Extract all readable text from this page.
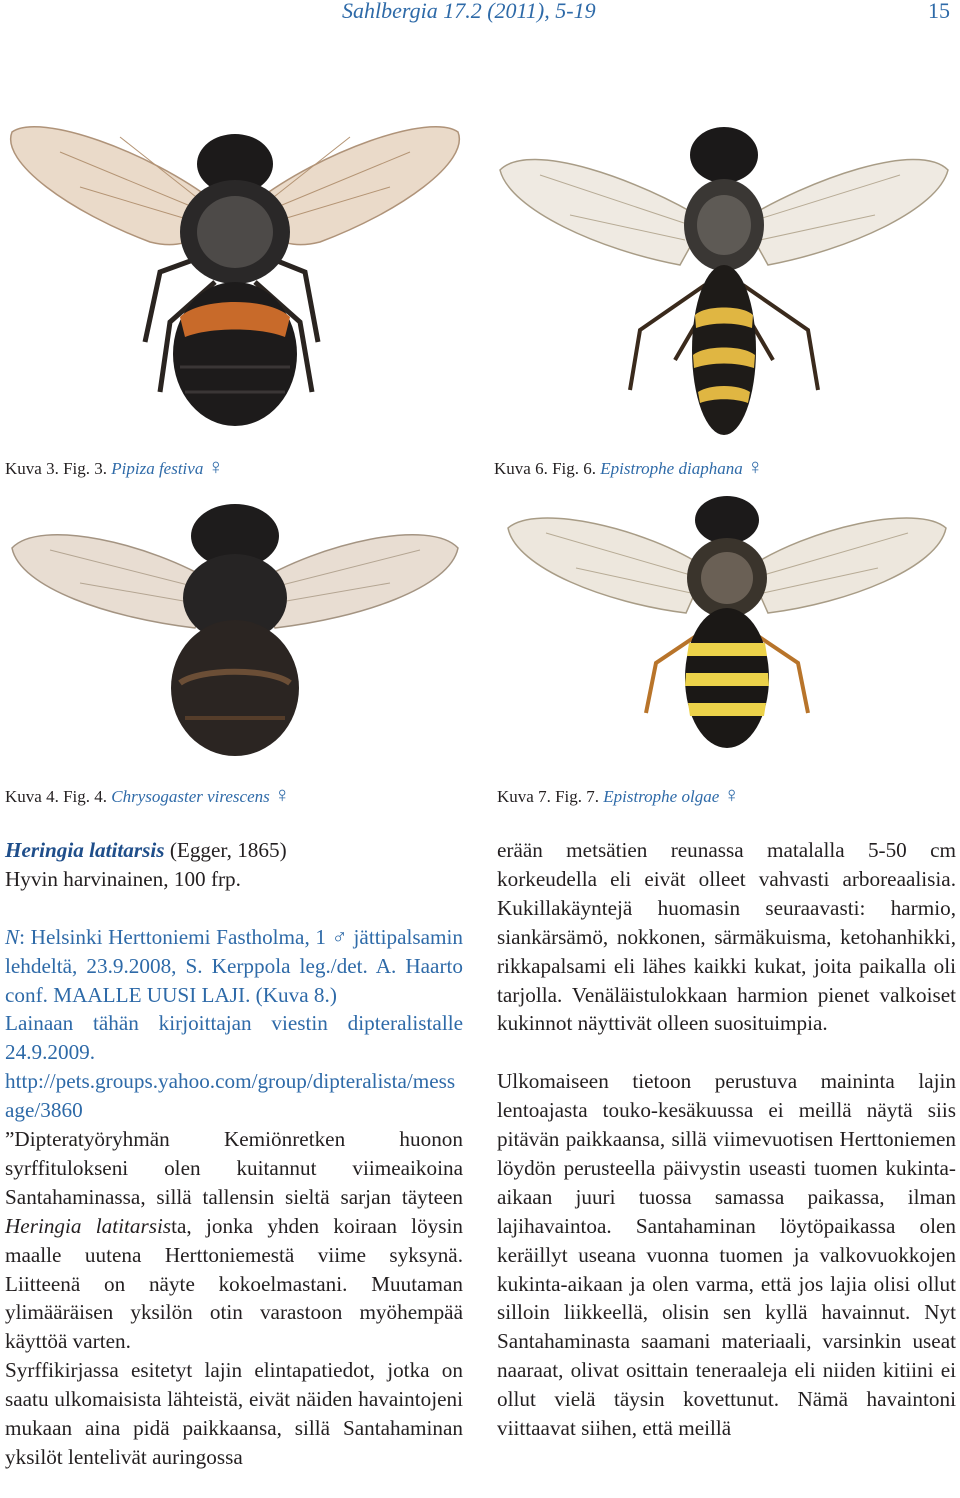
Sahlbergia 17.2 (2011), 5-19	15
Kuva 3. Fig. 3. Pipiza festiva ♀	Kuva 6. Fig. 6. Epistrophe diaphana ♀
Kuva 4. Fig. 4. Chrysogaster virescens ♀	Kuva 7. Fig. 7. Epistrophe olgae ♀

Heringia latitarsis (Egger, 1865)

Hyvin harvinainen, 100 frp.

N: Helsinki Herttoniemi Fastholma, 1 ♂ jättipalsamin lehdeltä, 23.9.2008, S. Kerppola leg./det. A. Haarto conf. MAALLE UUSI LAJI. (Kuva 8.)

Lainaan tähän kirjoittajan viestin dipteralistalle 24.9.2009.

http://pets.groups.yahoo.com/group/dipteralista/message/3860

”Dipteratyöryhmän Kemiönretken huonon syrffitulokseni olen kuitannut viimeaikoina Santahaminassa, sillä tallensin sieltä sarjan täyteen Heringia latitarsista, jonka yhden koiraan löysin maalle uutena Herttoniemestä viime syksynä. Liitteenä on näyte kokoelmastani. Muutaman ylimääräisen yksilön otin varastoon myöhempää käyttöä varten.

Syrffikirjassa esitetyt lajin elintapatiedot, jotka on saatu ulkomaisista lähteistä, eivät näiden havaintojeni mukaan aina pidä paikkaansa, sillä Santahaminan yksilöt lentelivät auringossa

erään metsätien reunassa matalalla 5-50 cm korkeudella eli eivät olleet vahvasti arboreaalisia. Kukillakäyntejä huomasin seuraavasti: harmio, siankärsämö, nokkonen, särmäkuisma, ketohanhikki, rikkapalsami eli lähes kaikki kukat, joita paikalla oli tarjolla. Venäläistulokkaan harmion pienet valkoiset kukinnot näyttivät olleen suosituimpia.

Ulkomaiseen tietoon perustuva maininta lajin lentoajasta touko-kesäkuussa ei meillä näytä siis pitävän paikkaansa, sillä viimevuotisen Herttoniemen löydön perusteella päivystin useasti tuomen kukinta-aikaan juuri tuossa samassa paikassa, ilman lajihavaintoa. Santahaminan löytöpaikassa olen keräillyt useana vuonna tuomen ja valkovuokkojen kukinta-aikaan ja olen varma, että jos lajia olisi ollut silloin liikkeellä, olisin sen kyllä havainnut. Nyt Santahaminasta saamani materiaali, varsinkin useat naaraat, olivat osittain teneraaleja eli niiden kitiini ei ollut vielä täysin kovettunut. Nämä havaintoni viittaavat siihen, että meillä
